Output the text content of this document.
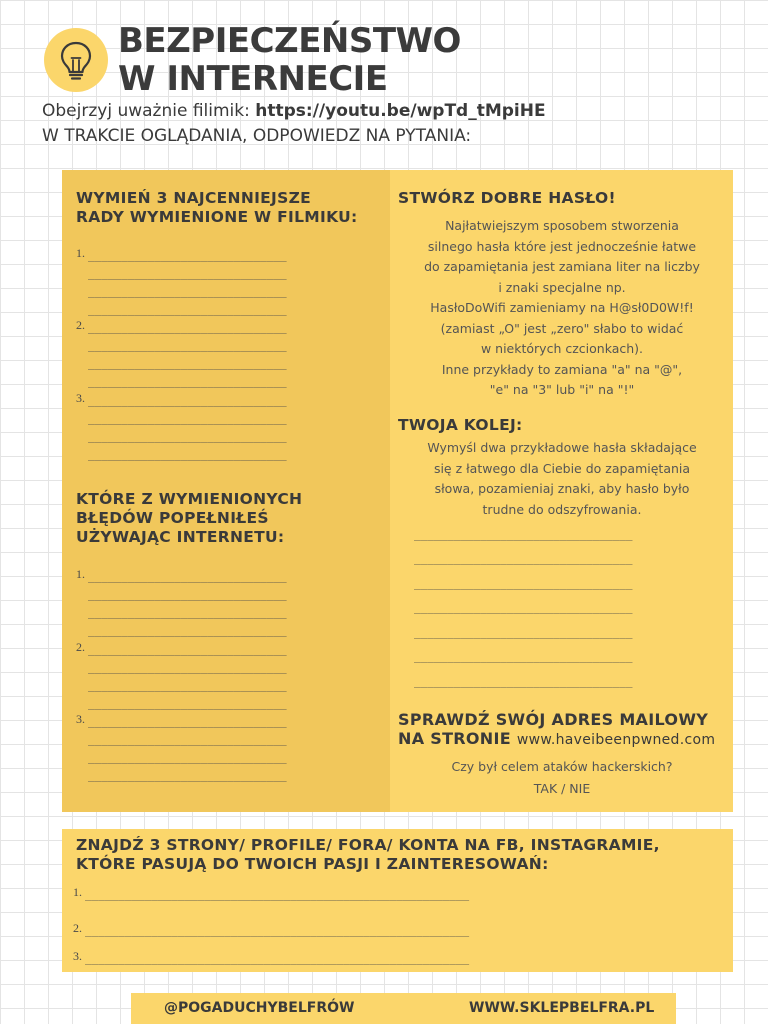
BEZPIECZEŃSTWO
W INTERNECIE
Obejrzyj uważnie filimik: https://youtu.be/wpTd_tMpiHE
W TRAKCIE OGLĄDANIA, ODPOWIEDZ NA PYTANIA:
WYMIEŃ 3 NAJCENNIEJSZE
RADY WYMIENIONE W FILMIKU:
1. ______________________________
______________________________
______________________________
______________________________
2. ______________________________
______________________________
______________________________
______________________________
3. ______________________________
______________________________
______________________________
______________________________
KTÓRE Z WYMIENIONYCH
BŁĘDÓW POPEŁNIŁEŚ
UŻYWAJĄC INTERNETU:
1. ______________________________
______________________________
______________________________
______________________________
2. ______________________________
______________________________
______________________________
______________________________
3. ______________________________
______________________________
______________________________
______________________________
STWÓRZ DOBRE HASŁO!
Najłatwiejszym sposobem stworzenia
silnego hasła które jest jednocześnie łatwe
do zapamiętania jest zamiana liter na liczby
i znaki specjalne np.
HasłoDoWifi zamieniamy na H@sł0D0W!f!
(zamiast „O" jest „zero" słabo to widać
w niektórych czcionkach).
Inne przykłady to zamiana "a" na "@",
"e" na "3" lub "i" na "!"
TWOJA KOLEJ:
Wymyśl dwa przykładowe hasła składające
się z łatwego dla Ciebie do zapamiętania
słowa, pozamieniaj znaki, aby hasło było
trudne do odszyfrowania.
_________________________________
_________________________________
_________________________________
_________________________________
_________________________________
_________________________________
_________________________________
SPRAWDŹ SWÓJ ADRES MAILOWY
NA STRONIE www.haveibeenpwned.com
Czy był celem ataków hackerskich?
TAK / NIE
ZNAJDŹ 3 STRONY/ PROFILE/ FORA/ KONTA NA FB, INSTAGRAMIE,
KTÓRE PASUJĄ DO TWOICH PASJI I ZAINTERESOWAŃ:
1. __________________________________________________________
2. __________________________________________________________
3. __________________________________________________________
@POGADUCHYBELFRÓW	WWW.SKLEPBELFRA.PL
